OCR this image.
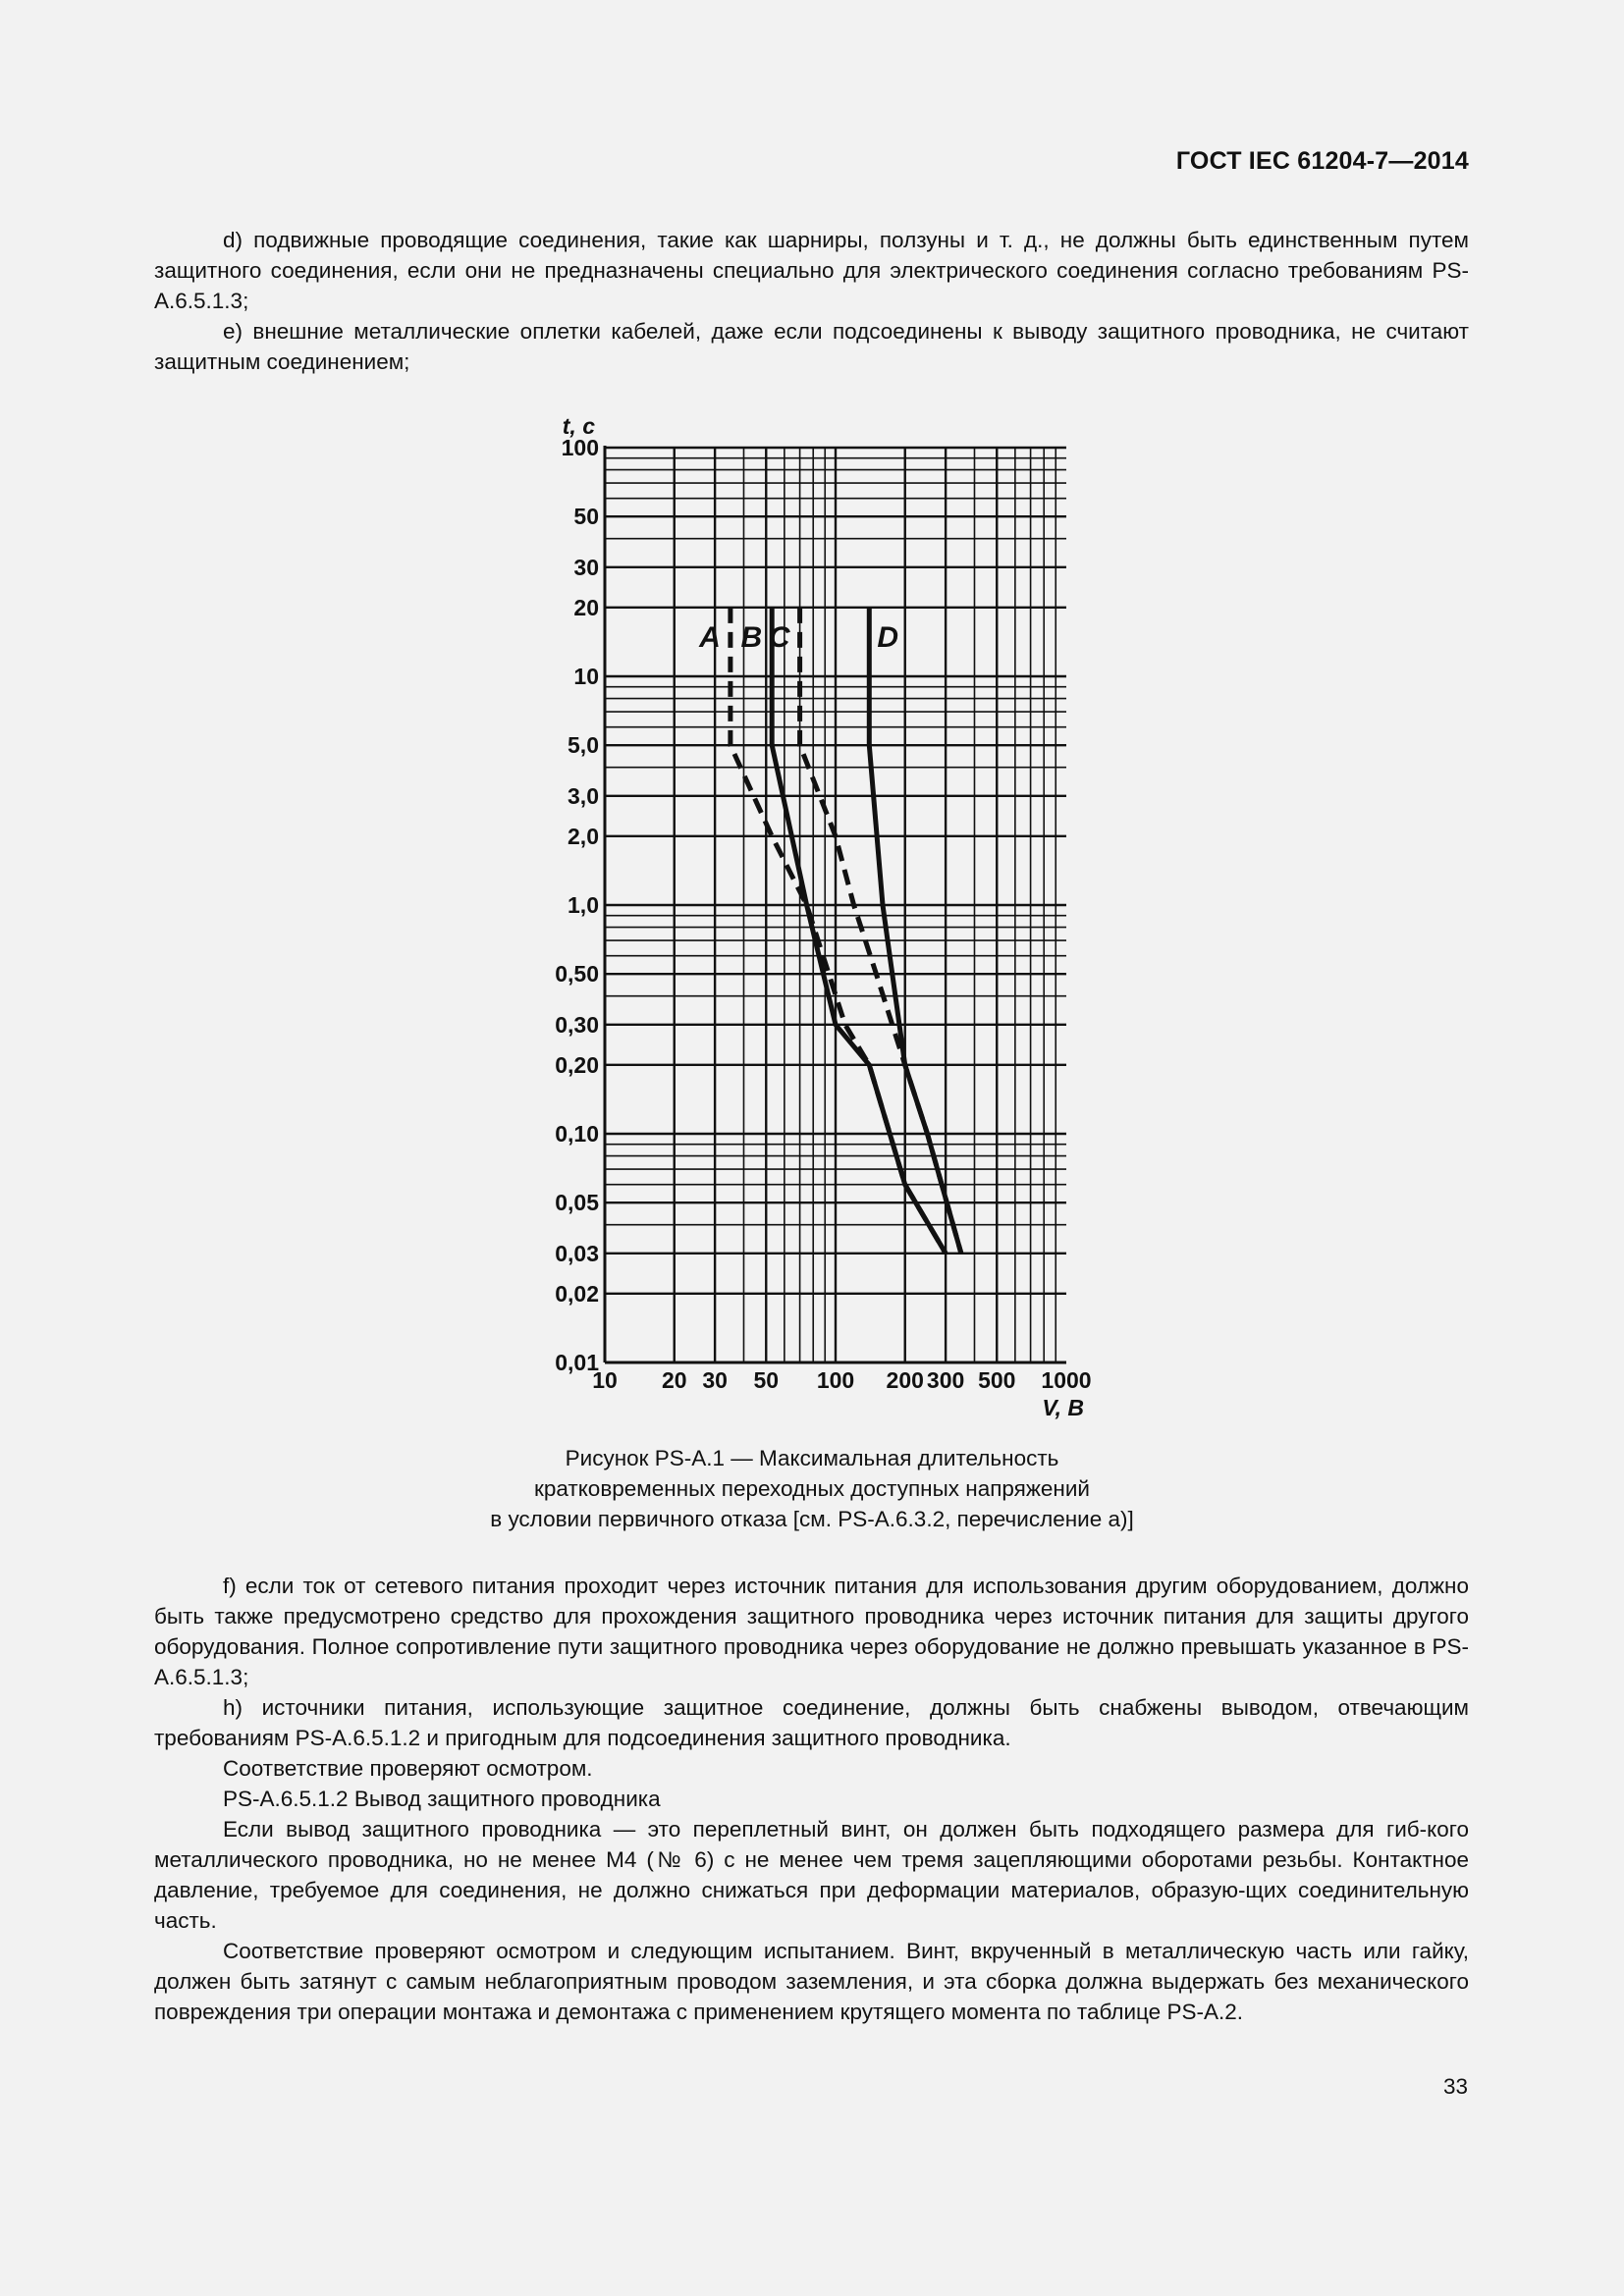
ГОСТ IEC 61204-7—2014

d) подвижные проводящие соединения, такие как шарниры, ползуны и т. д., не должны быть единственным путем защитного соединения, если они не предназначены специально для электрического соединения согласно требованиям PS-A.6.5.1.3;

e) внешние металлические оплетки кабелей, даже если подсоединены к выводу защитного проводника, не считают защитным соединением;

0,01
0,02
0,03
0,05
0,10
0,20
0,30
0,50
1,0
2,0
3,0
5,0
10
20
30
50
100
10 20 30 50 100 200 300 500 1000
t, с
V, В
A B C	D
Рисунок PS-A.1 — Максимальная длительность
кратковременных переходных доступных напряжений
в условии первичного отказа [см. PS-A.6.3.2, перечисление а)]

f) если ток от сетевого питания проходит через источник питания для использования другим оборудованием, должно быть также предусмотрено средство для прохождения защитного проводника через источник питания для защиты другого оборудования. Полное сопротивление пути защитного проводника через оборудование не должно превышать указанное в PS-A.6.5.1.3;

h) источники питания, использующие защитное соединение, должны быть снабжены выводом, отвечающим требованиям PS-A.6.5.1.2 и пригодным для подсоединения защитного проводника.

Соответствие проверяют осмотром.

PS-A.6.5.1.2 Вывод защитного проводника

Если вывод защитного проводника — это переплетный винт, он должен быть подходящего размера для гиб-кого металлического проводника, но не менее М4 (№ 6) с не менее чем тремя зацепляющими оборотами резьбы. Контактное давление, требуемое для соединения, не должно снижаться при деформации материалов, образую-щих соединительную часть.

Соответствие проверяют осмотром и следующим испытанием. Винт, вкрученный в металлическую часть или гайку, должен быть затянут с самым неблагоприятным проводом заземления, и эта сборка должна выдержать без механического повреждения три операции монтажа и демонтажа с применением крутящего момента по таблице PS-A.2.

33
